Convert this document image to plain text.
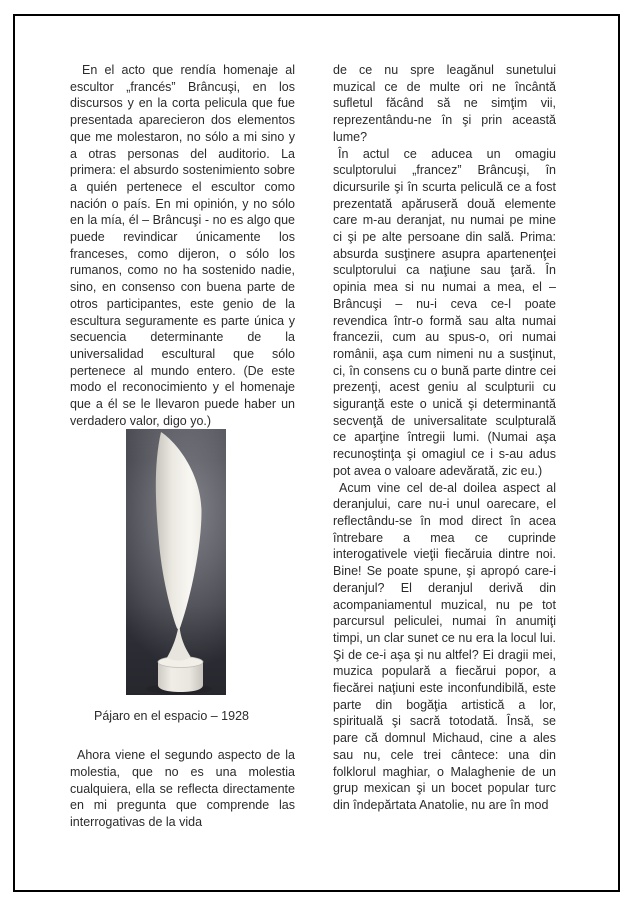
En el acto que rendía homenaje al escultor „francés” Brâncuşi, en los discursos y en la corta pelicula que fue presentada aparecieron dos elementos que me molestaron, no sólo a mi sino y a otras personas del auditorio. La primera: el absurdo sostenimiento sobre a quién pertenece el escultor como nación o país. En mi opinión, y no sólo en la mía, él – Brâncuşi - no es algo que puede revindicar únicamente los franceses, como dijeron, o sólo los rumanos, como no ha sostenido nadie, sino, en consenso con buena parte de otros participantes, este genio de la escultura seguramente es parte única y secuencia determinante de la universalidad escultural que sólo pertenece al mundo entero. (De este modo el reconocimiento y el homenaje que a él se le llevaron puede haber un verdadero valor, digo yo.)

Pájaro en el espacio – 1928

Ahora viene el segundo aspecto de la molestia, que no es una molestia cualquiera, ella se reflecta directamente en mi pregunta que comprende las interrogativas de la vida

de ce nu spre leagănul sunetului muzical ce de multe ori ne încântă sufletul făcând să ne simţim vii, reprezentându-ne în şi prin această lume?

În actul ce aducea un omagiu sculptorului „francez” Brâncuşi, în dicursurile şi în scurta peliculă ce a fost prezentată apăruseră două elemente care m-au deranjat, nu numai pe mine ci şi pe alte persoane din sală. Prima: absurda susţinere asupra apartenenţei sculptorului ca naţiune sau ţară. În opinia mea si nu numai a mea, el – Brâncuşi – nu-i ceva ce-l poate revendica într-o formă sau alta numai francezii, cum au spus-o, ori numai românii, aşa cum nimeni nu a susţinut, ci, în consens cu o bună parte dintre cei prezenţi, acest geniu al sculpturii cu siguranţă este o unică şi determinantă secvenţă de universalitate sculpturală ce aparţine întregii lumi. (Numai aşa recunoştinţa şi omagiul ce i s-au adus pot avea o valoare adevărată, zic eu.)

Acum vine cel de-al doilea aspect al deranjului, care nu-i unul oarecare, el reflectându-se în mod direct în acea întrebare a mea ce cuprinde interogativele vieţii fiecăruia dintre noi. Bine! Se poate spune, şi apropó care-i deranjul? El deranjul derivă din acompaniamentul muzical, nu pe tot parcursul peliculei, numai în anumiţi timpi, un clar sunet ce nu era la locul lui. Şi de ce-i aşa şi nu altfel? Ei dragii mei, muzica populară a fiecărui popor, a fiecărei naţiuni este inconfundibilă, este parte din bogăţia artistică a lor, spirituală şi sacră totodată. Însă, se pare că domnul Michaud, cine a ales sau nu, cele trei cântece: una din folklorul maghiar, o Malaghenie de un grup mexican şi un bocet popular turc din îndepărtata Anatolie, nu are în mod
